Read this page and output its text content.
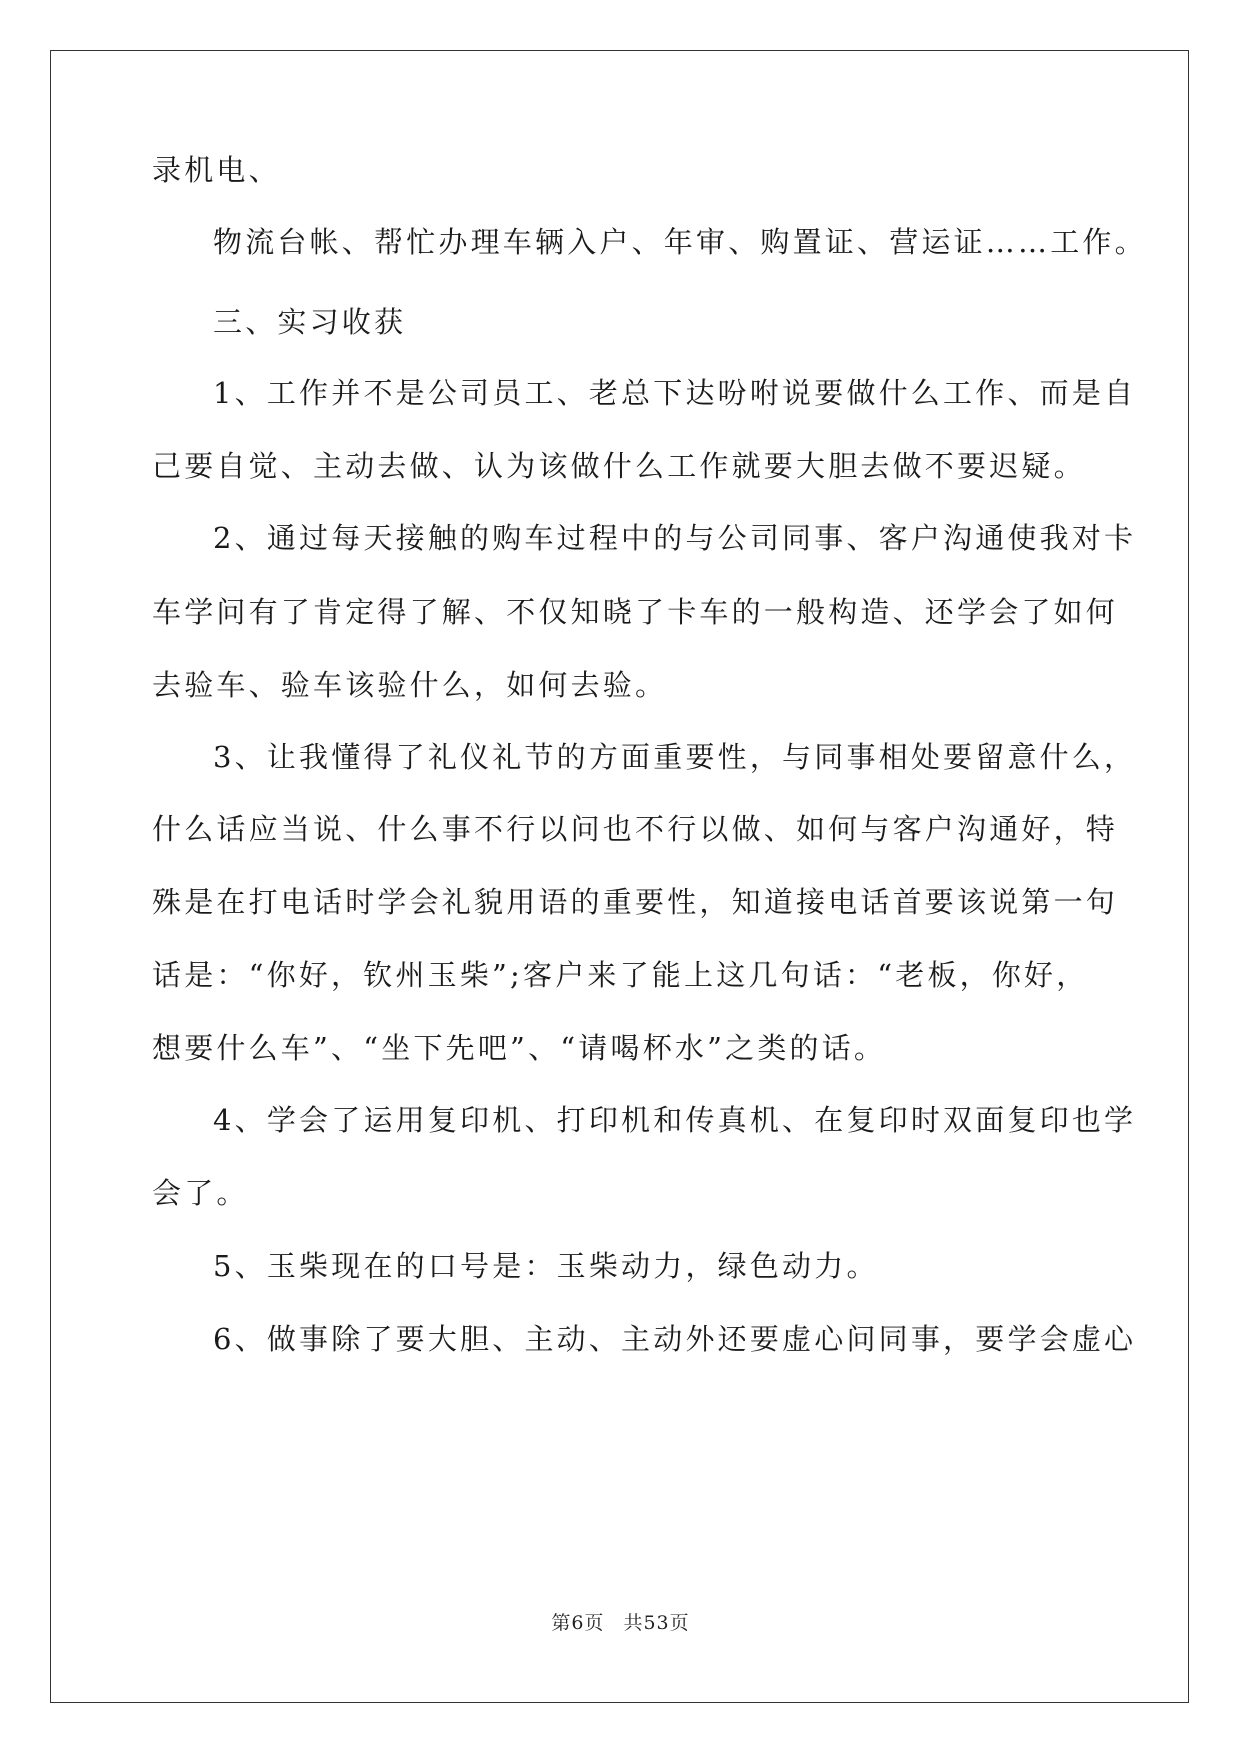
录机电、
物流台帐、帮忙办理车辆入户、年审、购置证、营运证……工作。
三、实习收获
1、工作并不是公司员工、老总下达吩咐说要做什么工作、而是自
己要自觉、主动去做、认为该做什么工作就要大胆去做不要迟疑。
2、通过每天接触的购车过程中的与公司同事、客户沟通使我对卡
车学问有了肯定得了解、不仅知晓了卡车的一般构造、还学会了如何
去验车、验车该验什么，如何去验。
3、让我懂得了礼仪礼节的方面重要性，与同事相处要留意什么，
什么话应当说、什么事不行以问也不行以做、如何与客户沟通好，特
殊是在打电话时学会礼貌用语的重要性，知道接电话首要该说第一句
话是：“你好，钦州玉柴”;客户来了能上这几句话：“老板，你好，
想要什么车”、“坐下先吧”、“请喝杯水”之类的话。
4、学会了运用复印机、打印机和传真机、在复印时双面复印也学
会了。
5、玉柴现在的口号是：玉柴动力，绿色动力。
6、做事除了要大胆、主动、主动外还要虚心问同事，要学会虚心
第6页 共53页
